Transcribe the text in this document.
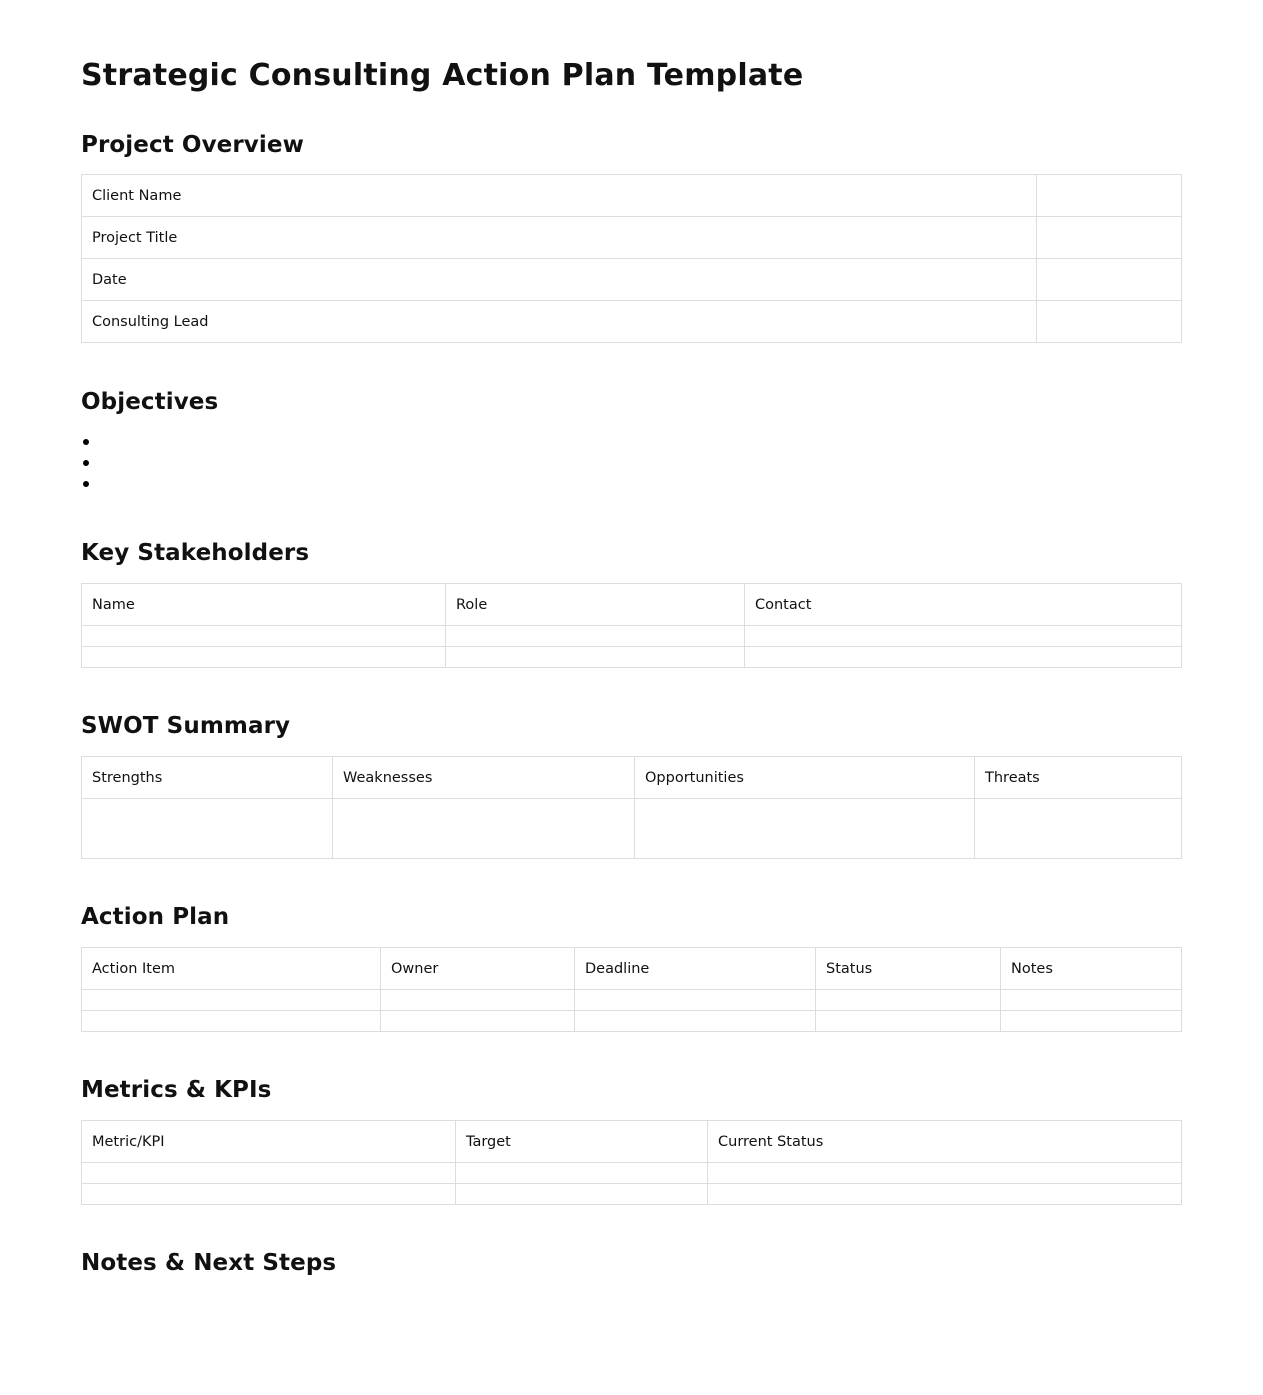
Strategic Consulting Action Plan Template
Project Overview
Client Name	
Project Title	
Date	
Consulting Lead	
Objectives
Key Stakeholders
Name	Role	Contact

SWOT Summary
Strengths	Weaknesses	Opportunities	Threats

Action Plan
Action Item	Owner	Deadline	Status	Notes

Metrics & KPIs
Metric/KPI	Target	Current Status

Notes & Next Steps
